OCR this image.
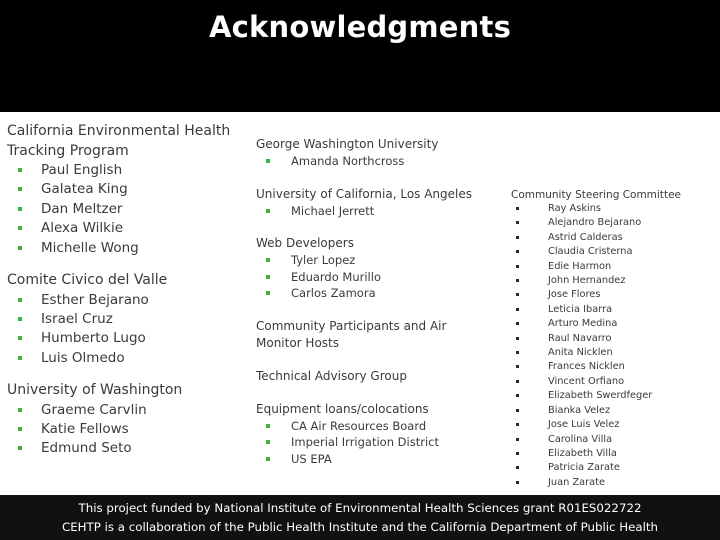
Acknowledgments
California Environmental Health Tracking Program
Paul English
Galatea King
Dan Meltzer
Alexa Wilkie
Michelle Wong
Comite Civico del Valle
Esther Bejarano
Israel Cruz
Humberto Lugo
Luis Olmedo
University of Washington
Graeme Carvlin
Katie Fellows
Edmund Seto
George Washington University
Amanda Northcross
University of California, Los Angeles
Michael Jerrett
Web Developers
Tyler Lopez
Eduardo Murillo
Carlos Zamora
Community Participants and Air Monitor Hosts
Technical Advisory Group
Equipment loans/colocations
CA Air Resources Board
Imperial Irrigation District
US EPA
Community Steering Committee
Ray Askins
Alejandro Bejarano
Astrid Calderas
Claudia Cristerna
Edie Harmon
John Hernandez
Jose Flores
Leticia Ibarra
Arturo Medina
Raul Navarro
Anita Nicklen
Frances Nicklen
Vincent Orfiano
Elizabeth Swerdfeger
Bianka Velez
Jose Luis Velez
Carolina Villa
Elizabeth Villa
Patricia Zarate
Juan Zarate
This project funded by National Institute of Environmental Health Sciences grant R01ES022722
CEHTP is a collaboration of the Public Health Institute and the California Department of Public Health
